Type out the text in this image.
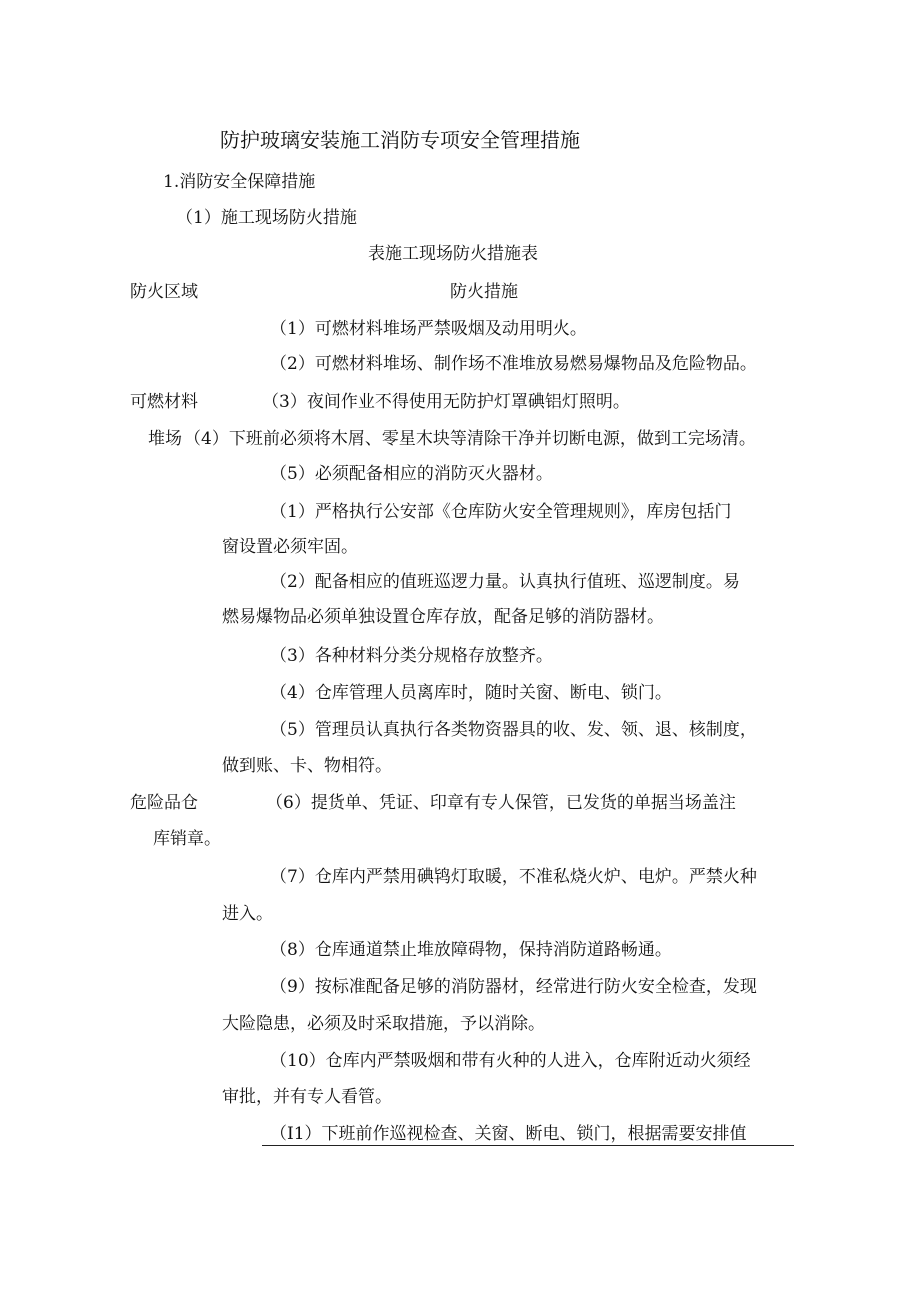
防护玻璃安装施工消防专项安全管理措施

1.消防安全保障措施

（1）施工现场防火措施

表施工现场防火措施表

防火区域	防火措施

（1）可燃材料堆场严禁吸烟及动用明火。

（2）可燃材料堆场、制作场不准堆放易燃易爆物品及危险物品。

可燃材料	（3）夜间作业不得使用无防护灯罩碘铝灯照明。

堆场 （4）下班前必须将木屑、零星木块等清除干净并切断电源，做到工完场清。

（5）必须配备相应的消防灭火器材。

（1）严格执行公安部《仓库防火安全管理规则》，库房包括门

窗设置必须牢固。

（2）配备相应的值班巡逻力量。认真执行值班、巡逻制度。易

燃易爆物品必须单独设置仓库存放，配备足够的消防器材。

（3）各种材料分类分规格存放整齐。

（4）仓库管理人员离库时，随时关窗、断电、锁门。

（5）管理员认真执行各类物资器具的收、发、领、退、核制度，

做到账、卡、物相符。

危险品仓	（6）提货单、凭证、印章有专人保管，已发货的单据当场盖注

库销章。

（7）仓库内严禁用碘鸨灯取暖，不准私烧火炉、电炉。严禁火种

进入。

（8）仓库通道禁止堆放障碍物，保持消防道路畅通。

（9）按标准配备足够的消防器材，经常进行防火安全检查，发现

大险隐患，必须及时采取措施，予以消除。

（10）仓库内严禁吸烟和带有火种的人进入，仓库附近动火须经

审批，并有专人看管。

（I1）下班前作巡视检查、关窗、断电、锁门，根据需要安排值
